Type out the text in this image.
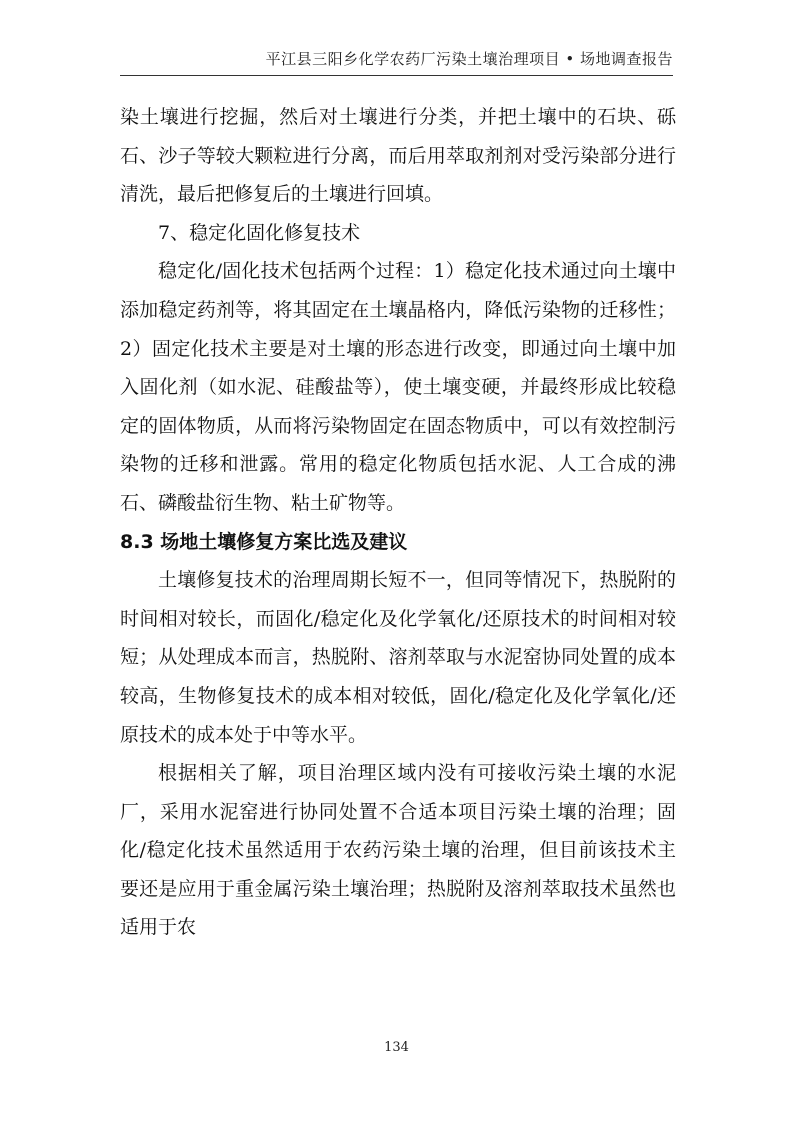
平江县三阳乡化学农药厂污染土壤治理项目 • 场地调查报告

染土壤进行挖掘，然后对土壤进行分类，并把土壤中的石块、砾石、沙子等较大颗粒进行分离，而后用萃取剂剂对受污染部分进行清洗，最后把修复后的土壤进行回填。

7、稳定化固化修复技术

稳定化/固化技术包括两个过程：1）稳定化技术通过向土壤中添加稳定药剂等，将其固定在土壤晶格内，降低污染物的迁移性；2）固定化技术主要是对土壤的形态进行改变，即通过向土壤中加入固化剂（如水泥、硅酸盐等），使土壤变硬，并最终形成比较稳定的固体物质，从而将污染物固定在固态物质中，可以有效控制污染物的迁移和泄露。常用的稳定化物质包括水泥、人工合成的沸石、磷酸盐衍生物、粘土矿物等。

8.3 场地土壤修复方案比选及建议

土壤修复技术的治理周期长短不一，但同等情况下，热脱附的时间相对较长，而固化/稳定化及化学氧化/还原技术的时间相对较短；从处理成本而言，热脱附、溶剂萃取与水泥窑协同处置的成本较高，生物修复技术的成本相对较低，固化/稳定化及化学氧化/还原技术的成本处于中等水平。

根据相关了解，项目治理区域内没有可接收污染土壤的水泥厂，采用水泥窑进行协同处置不合适本项目污染土壤的治理；固化/稳定化技术虽然适用于农药污染土壤的治理，但目前该技术主要还是应用于重金属污染土壤治理；热脱附及溶剂萃取技术虽然也适用于农

134
